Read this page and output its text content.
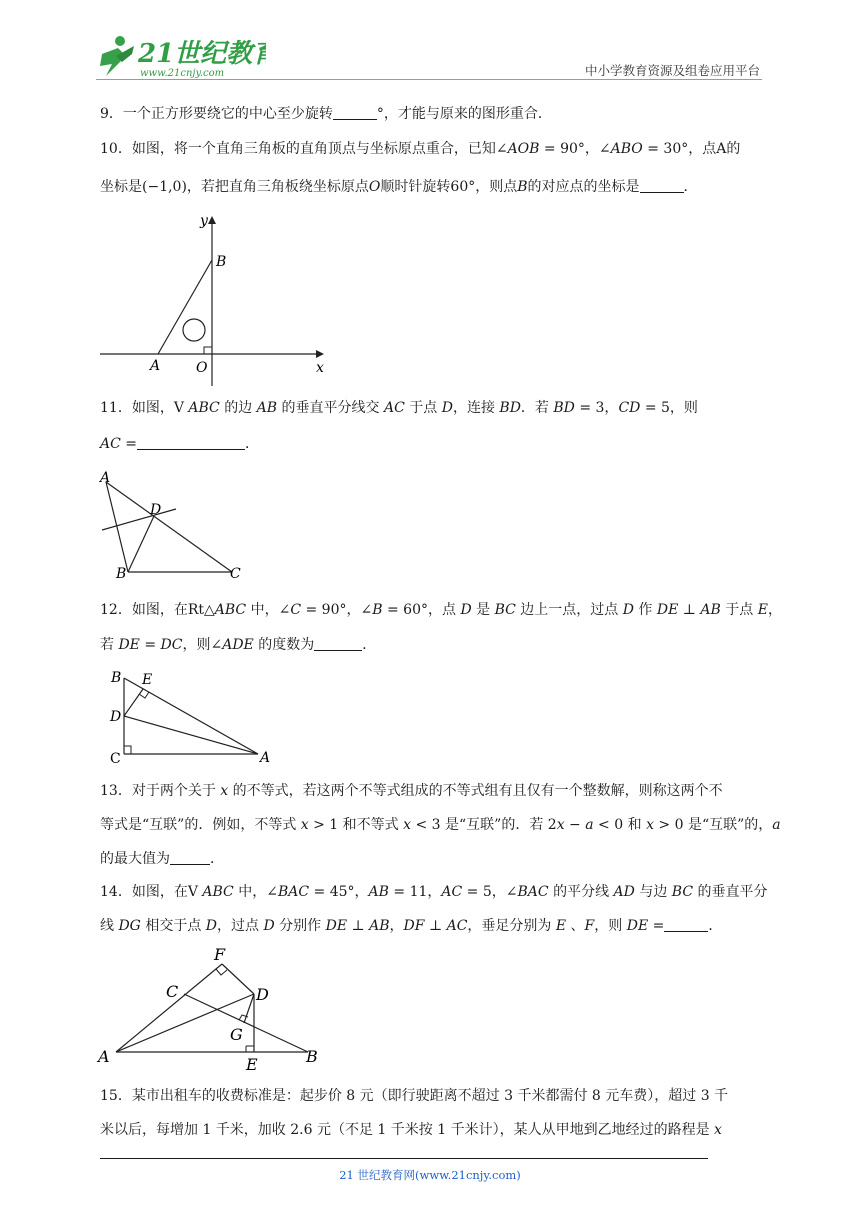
21世纪教育
www.21cnjy.com	中小学教育资源及组卷应用平台
9．一个正方形要绕它的中心至少旋转	°，才能与原来的图形重合．
10．如图，将一个直角三角板的直角顶点与坐标原点重合，已知∠AOB = 90°，∠ABO = 30°，点A的
坐标是(−1,0)，若把直角三角板绕坐标原点O顺时针旋转60°，则点B的对应点的坐标是	．
y
x
B
A	O
11．如图，V ABC 的边 AB 的垂直平分线交 AC 于点 D，连接 BD．若 BD = 3，CD = 5，则
AC =	．
A
D
B	C
12．如图，在Rt△ABC 中，∠C = 90°，∠B = 60°，点 D 是 BC 边上一点，过点 D 作 DE ⊥ AB 于点 E，
若 DE = DC，则∠ADE 的度数为	．
B E
D
C	A
13．对于两个关于 x 的不等式，若这两个不等式组成的不等式组有且仅有一个整数解，则称这两个不
等式是“互联”的．例如，不等式 x > 1 和不等式 x < 3 是“互联”的．若 2x − a < 0 和 x > 0 是“互联”的，a
的最大值为	．
14．如图，在V ABC 中，∠BAC = 45°，AB = 11，AC = 5，∠BAC 的平分线 AD 与边 BC 的垂直平分
线 DG 相交于点 D，过点 D 分别作 DE ⊥ AB，DF ⊥ AC，垂足分别为 E 、F，则 DE =	．
F
C	D
G
A	E	B
15．某市出租车的收费标准是：起步价 8 元（即行驶距离不超过 3 千米都需付 8 元车费），超过 3 千
米以后，每增加 1 千米，加收 2.6 元（不足 1 千米按 1 千米计），某人从甲地到乙地经过的路程是 x
21 世纪教育网(www.21cnjy.com)
